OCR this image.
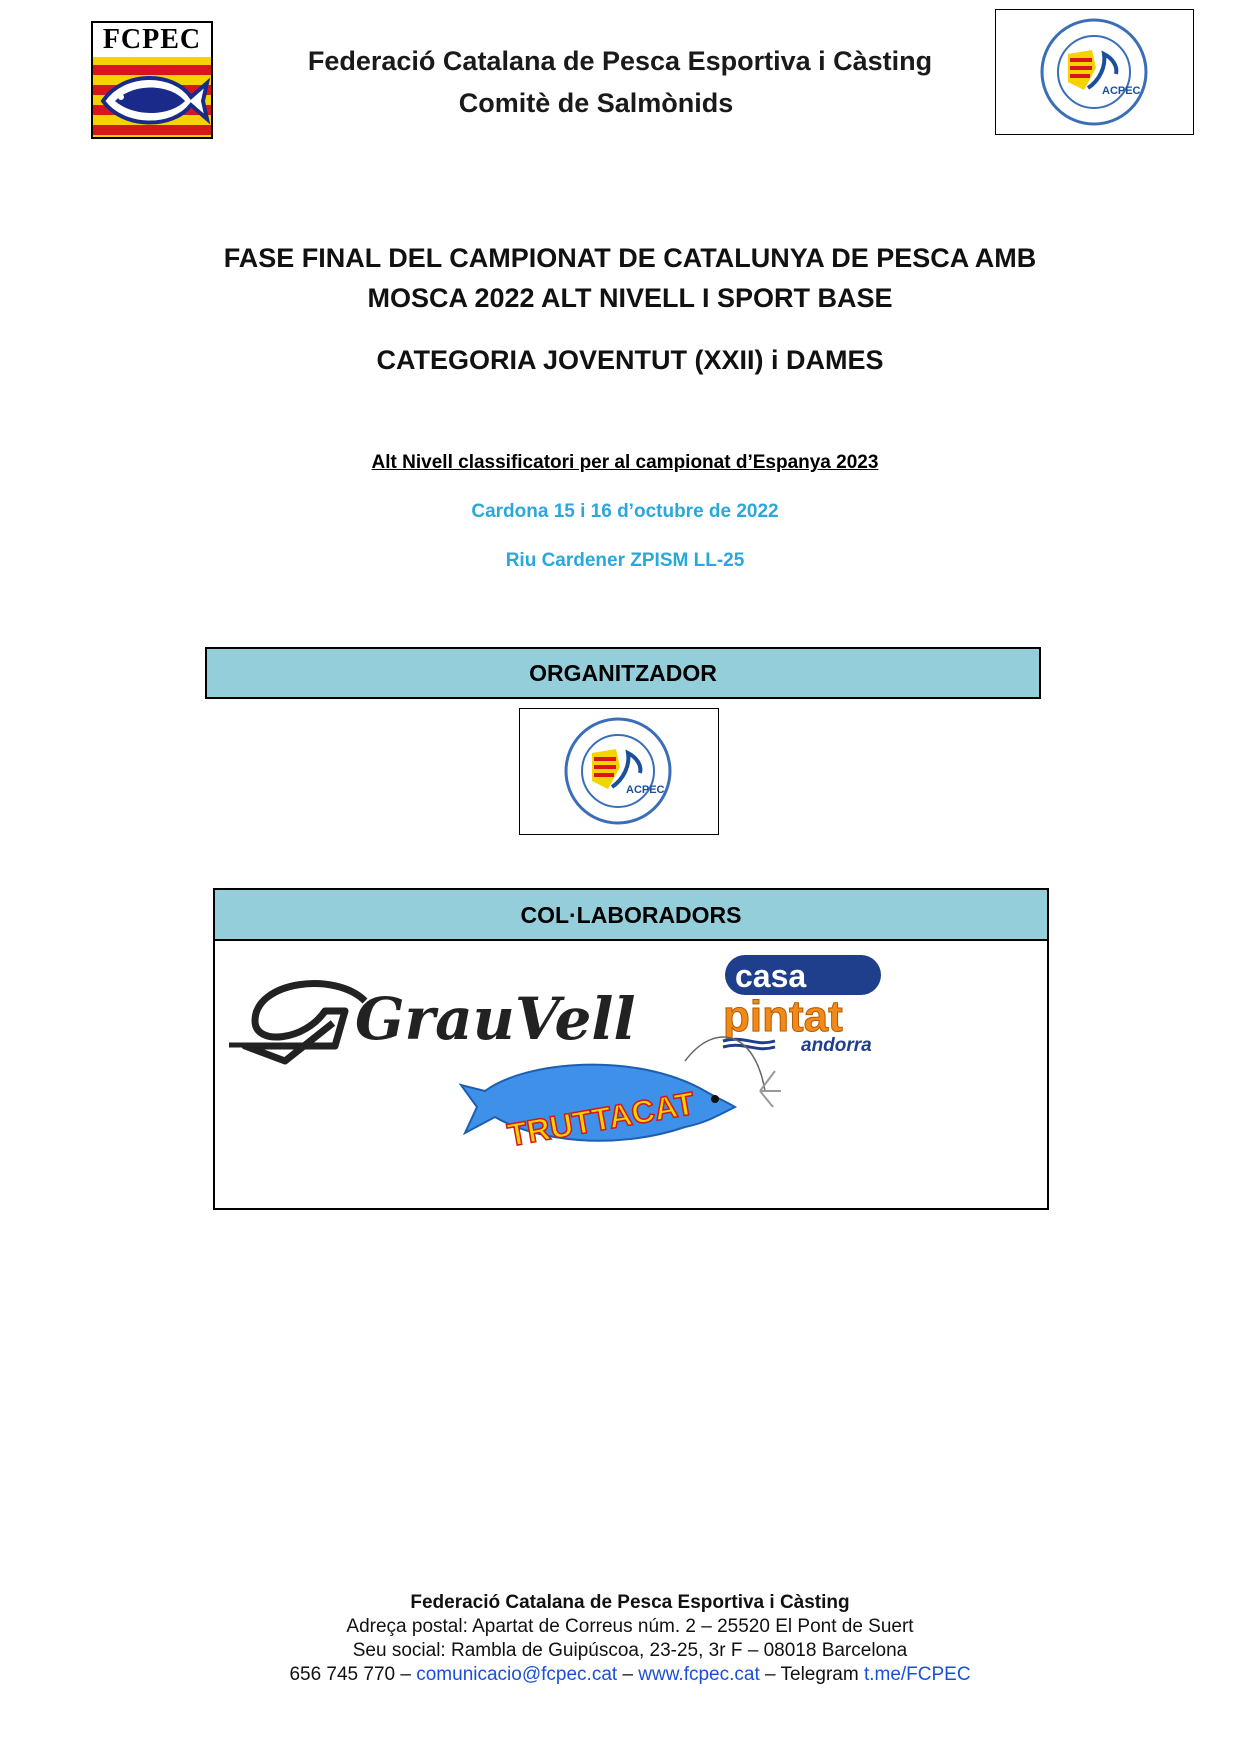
FCPEC
Federació Catalana de Pesca Esportiva i Càsting
Comitè de Salmònids	ACPEC
FASE FINAL DEL CAMPIONAT DE CATALUNYA DE PESCA AMB
MOSCA 2022 ALT NIVELL I SPORT BASE
CATEGORIA JOVENTUT (XXII) i DAMES
Alt Nivell classificatori per al campionat d’Espanya 2023
Cardona 15 i 16 d’octubre de 2022
Riu Cardener ZPISM LL-25
ORGANITZADOR
ACPEC
COL·LABORADORS
GrauVell
casa
pintat
andorra
TRUTTACAT
Federació Catalana de Pesca Esportiva i Càsting
Adreça postal: Apartat de Correus núm. 2 – 25520 El Pont de Suert
Seu social: Rambla de Guipúscoa, 23-25, 3r F – 08018 Barcelona
656 745 770 – comunicacio@fcpec.cat – www.fcpec.cat – Telegram t.me/FCPEC
